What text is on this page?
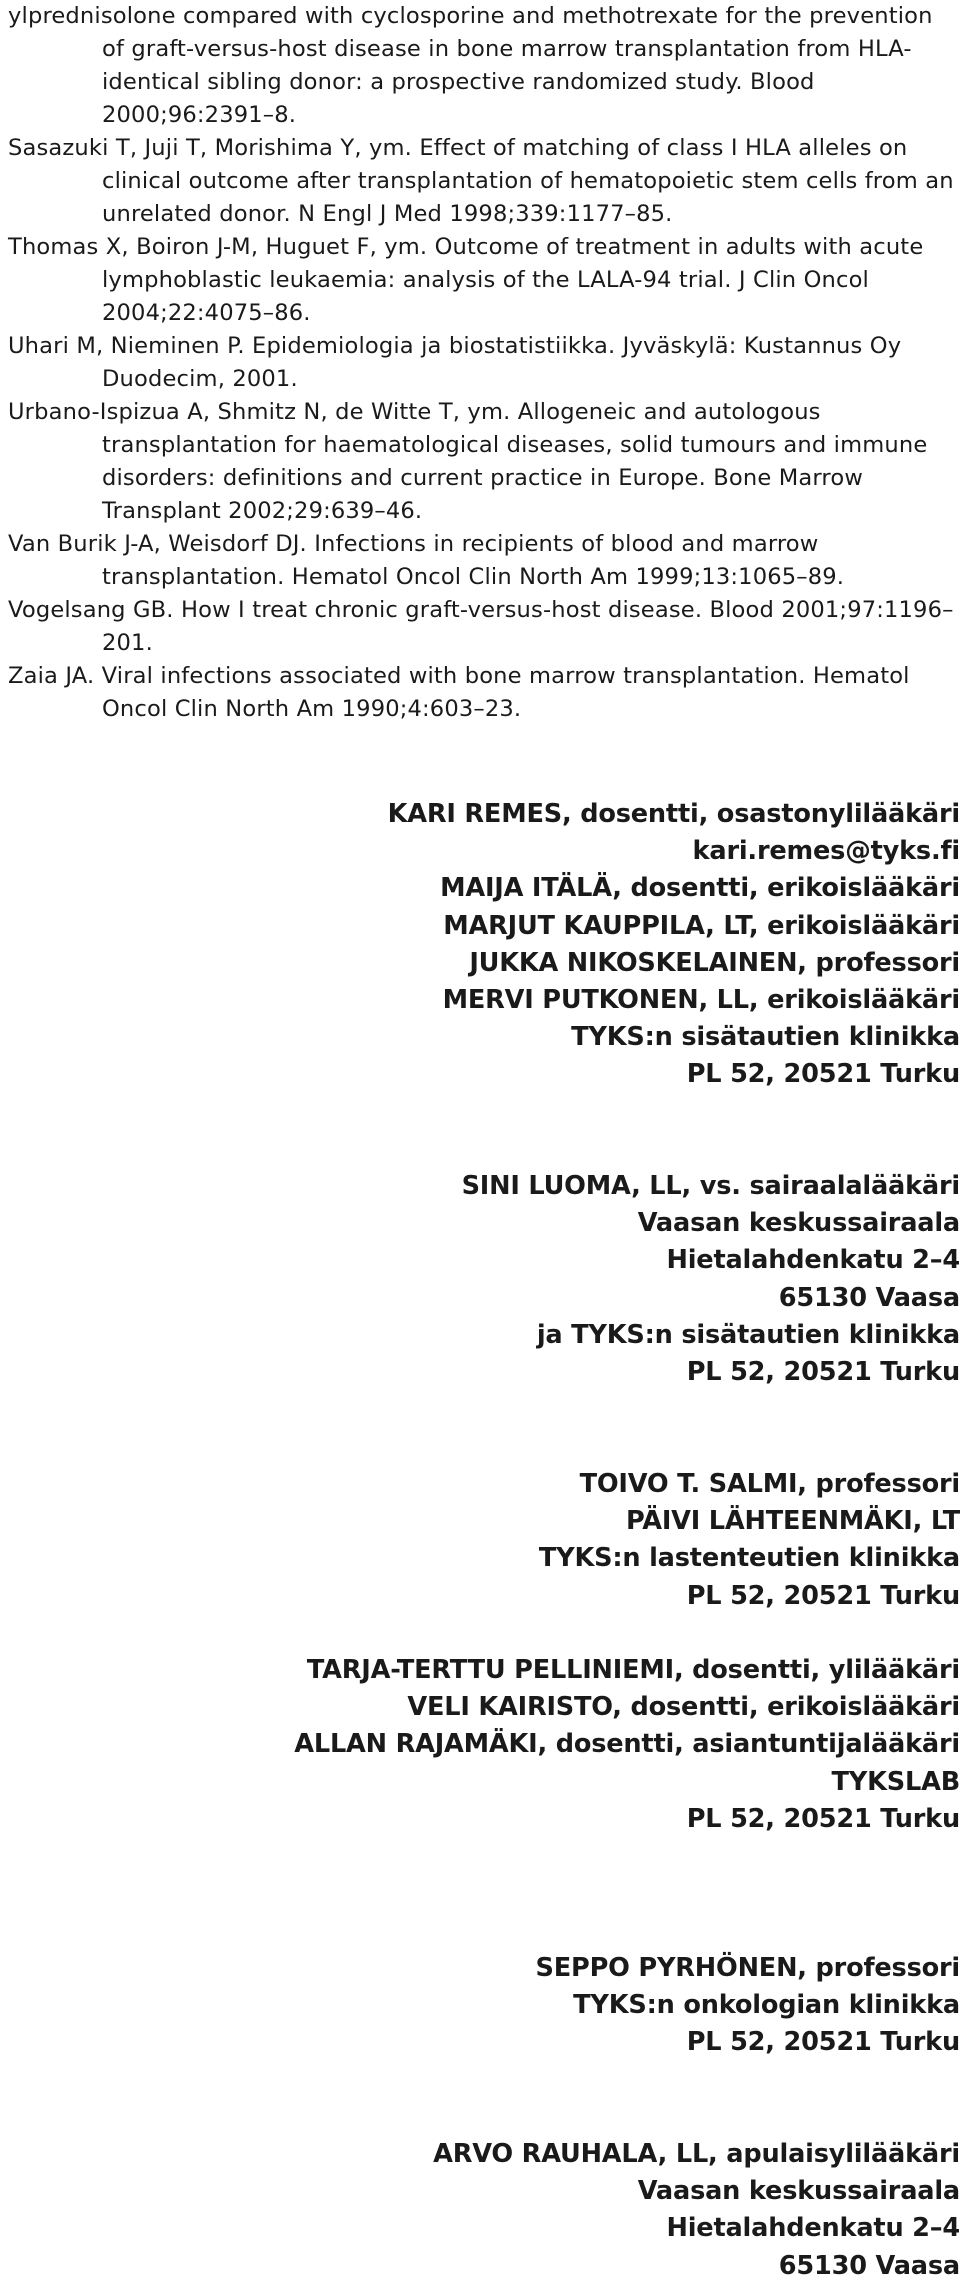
ylprednisolone compared with cyclosporine and methotrexate for the prevention of graft-versus-host disease in bone marrow transplantation from HLA-identical sibling donor: a prospective randomized study. Blood 2000;96:2391–8.

Sasazuki T, Juji T, Morishima Y, ym. Effect of matching of class I HLA alleles on clinical outcome after transplantation of hematopoietic stem cells from an unrelated donor. N Engl J Med 1998;339:1177–85.

Thomas X, Boiron J-M, Huguet F, ym. Outcome of treatment in adults with acute lymphoblastic leukaemia: analysis of the LALA-94 trial. J Clin Oncol 2004;22:4075–86.

Uhari M, Nieminen P. Epidemiologia ja biostatistiikka. Jyväskylä: Kustannus Oy Duodecim, 2001.

Urbano-Ispizua A, Shmitz N, de Witte T, ym. Allogeneic and autologous transplantation for haematological diseases, solid tumours and immune disorders: definitions and current practice in Europe. Bone Marrow Transplant 2002;29:639–46.

Van Burik J-A, Weisdorf DJ. Infections in recipients of blood and marrow transplantation. Hematol Oncol Clin North Am 1999;13:1065–89.

Vogelsang GB. How I treat chronic graft-versus-host disease. Blood 2001;97:1196–201.

Zaia JA. Viral infections associated with bone marrow transplantation. Hematol Oncol Clin North Am 1990;4:603–23.

KARI REMES, dosentti, osastonylilääkäri
kari.remes@tyks.fi
MAIJA ITÄLÄ, dosentti, erikoislääkäri
MARJUT KAUPPILA, LT, erikoislääkäri
JUKKA NIKOSKELAINEN, professori
MERVI PUTKONEN, LL, erikoislääkäri
TYKS:n sisätautien klinikka
PL 52, 20521 Turku
SINI LUOMA, LL, vs. sairaalalääkäri
Vaasan keskussairaala
Hietalahdenkatu 2–4
65130 Vaasa
ja TYKS:n sisätautien klinikka
PL 52, 20521 Turku
TOIVO T. SALMI, professori
PÄIVI LÄHTEENMÄKI, LT
TYKS:n lastenteutien klinikka
PL 52, 20521 Turku
TARJA-TERTTU PELLINIEMI, dosentti, ylilääkäri
VELI KAIRISTO, dosentti, erikoislääkäri
ALLAN RAJAMÄKI, dosentti, asiantuntijalääkäri
TYKSLAB
PL 52, 20521 Turku
SEPPO PYRHÖNEN, professori
TYKS:n onkologian klinikka
PL 52, 20521 Turku
ARVO RAUHALA, LL, apulaisylilääkäri
Vaasan keskussairaala
Hietalahdenkatu 2–4
65130 Vaasa
